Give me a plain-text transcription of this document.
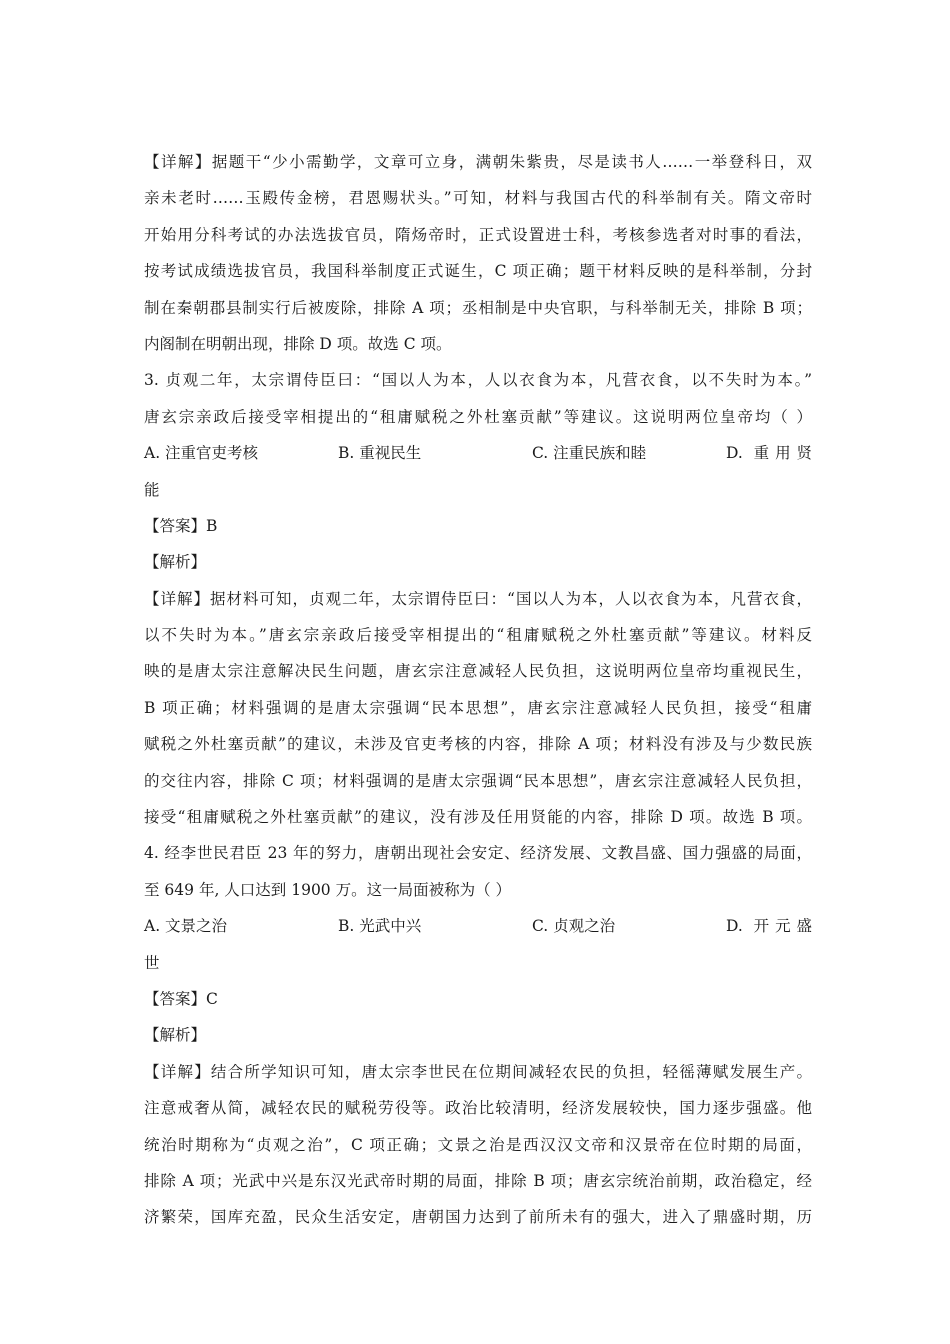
【详解】据题干“少小需勤学，文章可立身，满朝朱紫贵，尽是读书人……一举登科日，双
亲未老时……玉殿传金榜，君恩赐状头。”可知，材料与我国古代的科举制有关。隋文帝时
开始用分科考试的办法选拔官员，隋炀帝时，正式设置进士科，考核参选者对时事的看法，
按考试成绩选拔官员，我国科举制度正式诞生，C 项正确；题干材料反映的是科举制，分封
制在秦朝郡县制实行后被废除，排除 A 项；丞相制是中央官职，与科举制无关，排除 B 项；
内阁制在明朝出现，排除 D 项。故选 C 项。
3. 贞观二年，太宗谓侍臣曰：“国以人为本，人以衣食为本，凡营衣食，以不失时为本。”
唐玄宗亲政后接受宰相提出的“租庸赋税之外杜塞贡献”等建议。这说明两位皇帝均（ ）
A. 注重官吏考核	B. 重视民生	C. 注重民族和睦	D. 重用贤
能
【答案】B
【解析】
【详解】据材料可知，贞观二年，太宗谓侍臣曰：“国以人为本，人以衣食为本，凡营衣食，
以不失时为本。”唐玄宗亲政后接受宰相提出的“租庸赋税之外杜塞贡献”等建议。材料反
映的是唐太宗注意解决民生问题，唐玄宗注意减轻人民负担，这说明两位皇帝均重视民生，
B 项正确；材料强调的是唐太宗强调“民本思想”，唐玄宗注意减轻人民负担，接受“租庸
赋税之外杜塞贡献”的建议，未涉及官吏考核的内容，排除 A 项；材料没有涉及与少数民族
的交往内容，排除 C 项；材料强调的是唐太宗强调“民本思想”，唐玄宗注意减轻人民负担，
接受“租庸赋税之外杜塞贡献”的建议，没有涉及任用贤能的内容，排除 D 项。故选 B 项。
4. 经李世民君臣 23 年的努力，唐朝出现社会安定、经济发展、文教昌盛、国力强盛的局面，
至 649 年, 人口达到 1900 万。这一局面被称为（ ）
A. 文景之治	B. 光武中兴	C. 贞观之治	D. 开元盛
世
【答案】C
【解析】
【详解】结合所学知识可知，唐太宗李世民在位期间减轻农民的负担，轻徭薄赋发展生产。
注意戒奢从简，减轻农民的赋税劳役等。政治比较清明，经济发展较快，国力逐步强盛。他
统治时期称为“贞观之治”，C 项正确；文景之治是西汉汉文帝和汉景帝在位时期的局面，
排除 A 项；光武中兴是东汉光武帝时期的局面，排除 B 项；唐玄宗统治前期，政治稳定，经
济繁荣，国库充盈，民众生活安定，唐朝国力达到了前所未有的强大，进入了鼎盛时期，历
